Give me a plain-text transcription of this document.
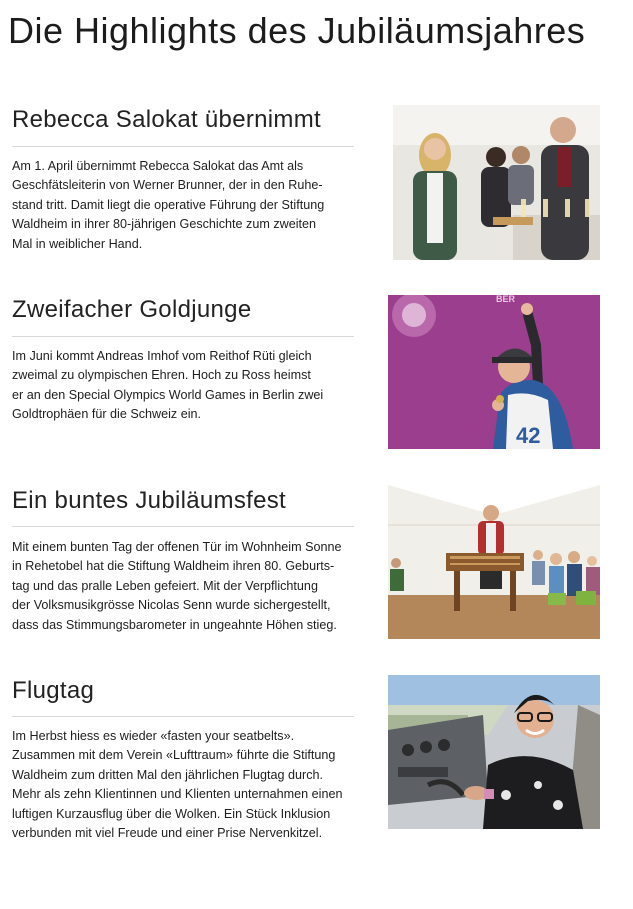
Die Highlights des Jubiläumsjahres
Rebecca Salokat übernimmt

Am 1. April übernimmt Rebecca Salokat das Amt als
Geschfätsleiterin von Werner Brunner, der in den Ruhe-
stand tritt. Damit liegt die operative Führung der Stiftung
Waldheim in ihrer 80-jährigen Geschichte zum zweiten
Mal in weiblicher Hand.

Zweifacher Goldjunge

Im Juni kommt Andreas Imhof vom Reithof Rüti gleich
zweimal zu olympischen Ehren. Hoch zu Ross heimst
er an den Special Olympics World Games in Berlin zwei
Goldtrophäen für die Schweiz ein.

BER
42
Ein buntes Jubiläumsfest

Mit einem bunten Tag der offenen Tür im Wohnheim Sonne
in Rehetobel hat die Stiftung Waldheim ihren 80. Geburts-
tag und das pralle Leben gefeiert. Mit der Verpflichtung
der Volksmusikgrösse Nicolas Senn wurde sichergestellt,
dass das Stimmungsbarometer in ungeahnte Höhen stieg.

Flugtag

Im Herbst hiess es wieder «fasten your seatbelts».
Zusammen mit dem Verein «Lufttraum» führte die Stiftung
Waldheim zum dritten Mal den jährlichen Flugtag durch.
Mehr als zehn Klientinnen und Klienten unternahmen einen
luftigen Kurzausflug über die Wolken. Ein Stück Inklusion
verbunden mit viel Freude und einer Prise Nervenkitzel.
